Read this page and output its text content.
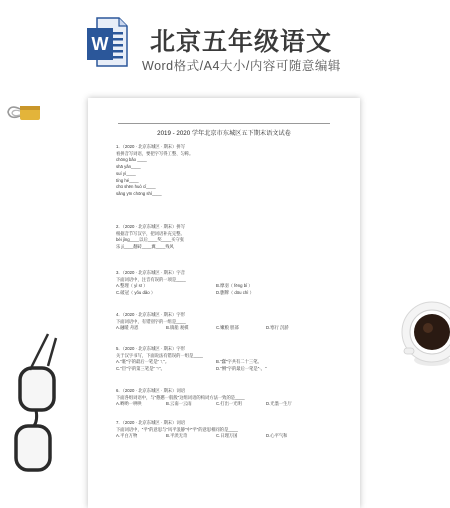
W 北京五年级语文
Word格式/A4大小/内容可随意编辑
2019 - 2020 学年北京市东城区五下期末语文试卷
1．（2020 · 北京东城区 · 期末）拼写
看拼音写词语，要把字写得工整、匀称。
chōng bǎo ____
shā yǎn____
suí yì____
tíng hé____
chū shēn huò cǐ____
sǎng yīn chōng shí____
2．（2020 · 北京东城区 · 期末）拼写
根据音节写汉字，把词语补充完整。
bèi jǐng____以后____奖____买守张
乐 jí____翻砖____翼____残风
3．（2020 · 北京东城区 · 期末）字音
下面词语中，注音有误的一项是____
A.整理（ yì sī ）	B.摩羽（ fēng bǐ ）
C.破冠（ yǒu dǎo ）	D.删牌（ dōu chì ）
4．（2020 · 北京东城区 · 期末）字形
下面词语中，有错别字的一组是____
A.融暖 舟恩	B.镇船 观棋	C.嫩粮 胆部	D.寒行 沉骄
5．（2020 · 北京东城区 · 期末）字形
关于汉字书写，下面说法有错误的一组是____
A."裹"字的最后一笔是"ㄟ"。	B."蠢"字共有二十三笔。
C."臣"字的第三笔是"ㄱ"。	D."侧"字的最后一笔是"·。"
6．（2020 · 北京东城区 · 期末）词语
下面各组词语中，与"憨憨一般般"这组词语的构词方法一致的是____
A.哟哟一哄哄	B.云南一云雨	C.打出一光明	D.光墨一生厅
7．（2020 · 北京东城区 · 期末）词语
下面词语中，"平"的意思与"风平浪静"中"平"的意思相同的是____
A.平白万物	B.平淡无奇	C.日理万国	D.心平气和
